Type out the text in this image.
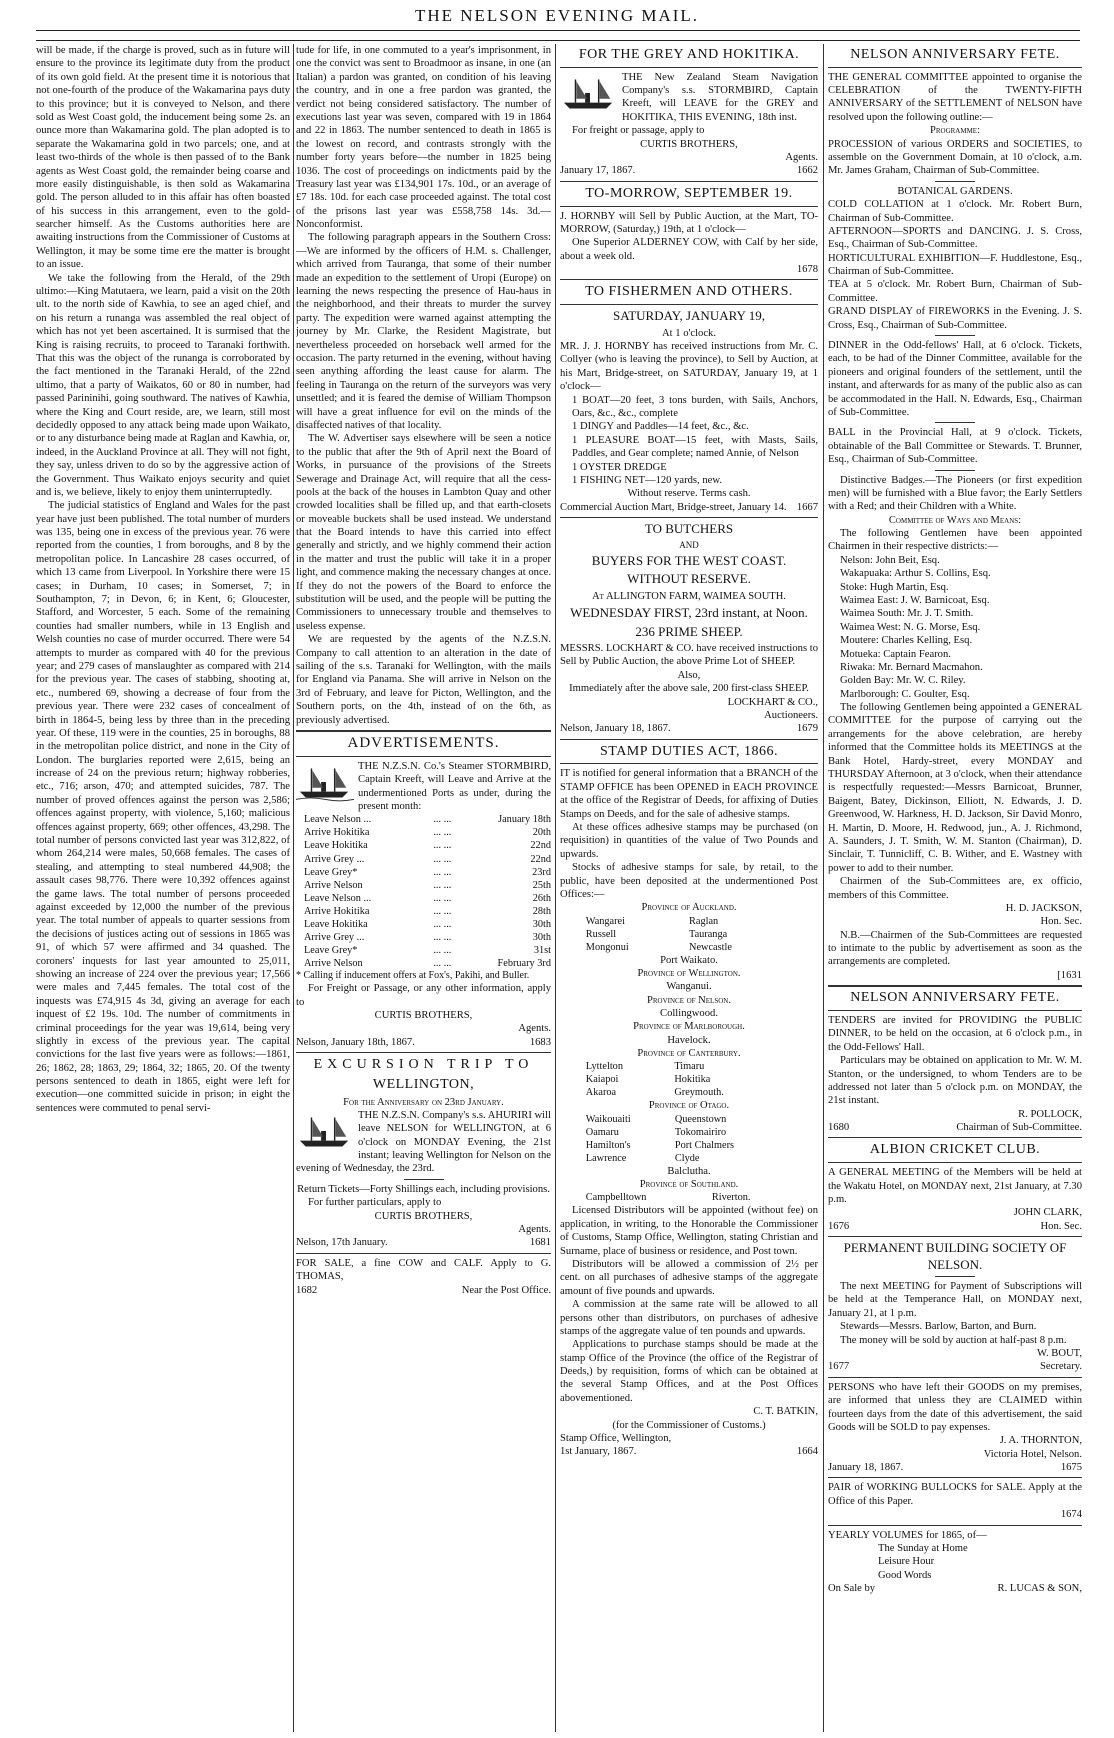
THE NELSON EVENING MAIL.

will be made, if the charge is proved, such as in future will ensure to the province its legitimate duty from the product of its own gold field. At the present time it is notorious that not one-fourth of the produce of the Wakamarina pays duty to this province; but it is conveyed to Nelson, and there sold as West Coast gold, the inducement being some 2s. an ounce more than Wakamarina gold. The plan adopted is to separate the Wakamarina gold in two parcels; one, and at least two-thirds of the whole is then passed of to the Bank agents as West Coast gold, the remainder being coarse and more easily distinguishable, is then sold as Wakamarina gold. The person alluded to in this affair has often boasted of his success in this arrangement, even to the gold-searcher himself. As the Customs authorities here are awaiting instructions from the Commissioner of Customs at Wellington, it may be some time ere the matter is brought to an issue.

We take the following from the Herald, of the 29th ultimo:—King Matutaera, we learn, paid a visit on the 20th ult. to the north side of Kawhia, to see an aged chief, and on his return a runanga was assembled the real object of which has not yet been ascertained. It is surmised that the King is raising recruits, to proceed to Taranaki forthwith. That this was the object of the runanga is corroborated by the fact mentioned in the Taranaki Herald, of the 22nd ultimo, that a party of Waikatos, 60 or 80 in number, had passed Parininihi, going southward. The natives of Kawhia, where the King and Court reside, are, we learn, still most decidedly opposed to any attack being made upon Waikato, or to any disturbance being made at Raglan and Kawhia, or, indeed, in the Auckland Province at all. They will not fight, they say, unless driven to do so by the aggressive action of the Government. Thus Waikato enjoys security and quiet and is, we believe, likely to enjoy them uninterruptedly.

The judicial statistics of England and Wales for the past year have just been published. The total number of murders was 135, being one in excess of the previous year. 76 were reported from the counties, 1 from boroughs, and 8 by the metropolitan police. In Lancashire 28 cases occurred, of which 13 came from Liverpool. In Yorkshire there were 15 cases; in Durham, 10 cases; in Somerset, 7; in Southampton, 7; in Devon, 6; in Kent, 6; Gloucester, Stafford, and Worcester, 5 each. Some of the remaining counties had smaller numbers, while in 13 English and Welsh counties no case of murder occurred. There were 54 attempts to murder as compared with 40 for the previous year; and 279 cases of manslaughter as compared with 214 for the previous year. The cases of stabbing, shooting at, etc., numbered 69, showing a decrease of four from the previous year. There were 232 cases of concealment of birth in 1864-5, being less by three than in the preceding year. Of these, 119 were in the counties, 25 in boroughs, 88 in the metropolitan police district, and none in the City of London. The burglaries reported were 2,615, being an increase of 24 on the previous return; highway robberies, etc., 716; arson, 470; and attempted suicides, 787. The number of proved offences against the person was 2,586; offences against property, with violence, 5,160; malicious offences against property, 669; other offences, 43,298. The total number of persons convicted last year was 312,822, of whom 264,214 were males, 50,668 females. The cases of stealing, and attempting to steal numbered 44,908; the assault cases 98,776. There were 10,392 offences against the game laws. The total number of persons proceeded against exceeded by 12,000 the number of the previous year. The total number of appeals to quarter sessions from the decisions of justices acting out of sessions in 1865 was 91, of which 57 were affirmed and 34 quashed. The coroners' inquests for last year amounted to 25,011, showing an increase of 224 over the previous year; 17,566 were males and 7,445 females. The total cost of the inquests was £74,915 4s 3d, giving an average for each inquest of £2 19s. 10d. The number of commitments in criminal proceedings for the year was 19,614, being very slightly in excess of the previous year. The capital convictions for the last five years were as follows:—1861, 26; 1862, 28; 1863, 29; 1864, 32; 1865, 20. Of the twenty persons sentenced to death in 1865, eight were left for execution—one committed suicide in prison; in eight the sentences were commuted to penal servi-

tude for life, in one commuted to a year's imprisonment, in one the convict was sent to Broadmoor as insane, in one (an Italian) a pardon was granted, on condition of his leaving the country, and in one a free pardon was granted, the verdict not being considered satisfactory. The number of executions last year was seven, compared with 19 in 1864 and 22 in 1863. The number sentenced to death in 1865 is the lowest on record, and contrasts strongly with the number forty years before—the number in 1825 being 1036. The cost of proceedings on indictments paid by the Treasury last year was £134,901 17s. 10d., or an average of £7 18s. 10d. for each case proceeded against. The total cost of the prisons last year was £558,758 14s. 3d.—Nonconformist.

The following paragraph appears in the Southern Cross:—We are informed by the officers of H.M. s. Challenger, which arrived from Tauranga, that some of their number made an expedition to the settlement of Uropi (Europe) on learning the news respecting the presence of Hau-haus in the neighborhood, and their threats to murder the survey party. The expedition were warned against attempting the journey by Mr. Clarke, the Resident Magistrate, but nevertheless proceeded on horseback well armed for the occasion. The party returned in the evening, without having seen anything affording the least cause for alarm. The feeling in Tauranga on the return of the surveyors was very unsettled; and it is feared the demise of William Thompson will have a great influence for evil on the minds of the disaffected natives of that locality.

The W. Advertiser says elsewhere will be seen a notice to the public that after the 9th of April next the Board of Works, in pursuance of the provisions of the Streets Sewerage and Drainage Act, will require that all the cess-pools at the back of the houses in Lambton Quay and other crowded localities shall be filled up, and that earth-closets or moveable buckets shall be used instead. We understand that the Board intends to have this carried into effect generally and strictly, and we highly commend their action in the matter and trust the public will take it in a proper light, and commence making the necessary changes at once. If they do not the powers of the Board to enforce the substitution will be used, and the people will be putting the Commissioners to unnecessary trouble and themselves to useless expense.

We are requested by the agents of the N.Z.S.N. Company to call attention to an alteration in the date of sailing of the s.s. Taranaki for Wellington, with the mails for England via Panama. She will arrive in Nelson on the 3rd of February, and leave for Picton, Wellington, and the Southern ports, on the 4th, instead of on the 6th, as previously advertised.

ADVERTISEMENTS.

THE N.Z.S.N. Co.'s Steamer STORMBIRD, Captain Kreeft, will Leave and Arrive at the undermentioned Ports as under, during the present month:

Leave Nelson ...	... ...	January 18th
Arrive Hokitika	... ...	20th
Leave Hokitika	... ...	22nd
Arrive Grey ...	... ...	22nd
Leave Grey*	... ...	23rd
Arrive Nelson	... ...	25th
Leave Nelson ...	... ...	26th
Arrive Hokitika	... ...	28th
Leave Hokitika	... ...	30th
Arrive Grey ...	... ...	30th
Leave Grey*	... ...	31st
Arrive Nelson	... ...	February 3rd

* Calling if inducement offers at Fox's, Pakihi, and Buller.

For Freight or Passage, or any other information, apply to

CURTIS BROTHERS,
Agents.
Nelson, January 18th, 1867.	1683
EXCURSION TRIP TO
WELLINGTON,
For the Anniversary on 23rd January.

THE N.Z.S.N. Company's s.s. AHURIRI will leave NELSON for WELLINGTON, at 6 o'clock on MONDAY Evening, the 21st instant; leaving Wellington for Nelson on the evening of Wednesday, the 23rd.

Return Tickets—Forty Shillings each, including provisions.

For further particulars, apply to

CURTIS BROTHERS,
Agents.
Nelson, 17th January.	1681

FOR SALE, a fine COW and CALF. Apply to G. THOMAS,

1682	Near the Post Office.
FOR THE GREY AND HOKITIKA.

THE New Zealand Steam Navigation Company's s.s. STORMBIRD, Captain Kreeft, will LEAVE for the GREY and HOKITIKA, THIS EVENING, 18th inst.

For freight or passage, apply to

CURTIS BROTHERS,
Agents.
January 17, 1867.	1662
TO-MORROW, SEPTEMBER 19.

J. HORNBY will Sell by Public Auction, at the Mart, TO-MORROW, (Saturday,) 19th, at 1 o'clock—

One Superior ALDERNEY COW, with Calf by her side, about a week old.

1678
TO FISHERMEN AND OTHERS.
SATURDAY, JANUARY 19,
At 1 o'clock.

MR. J. J. HORNBY has received instructions from Mr. C. Collyer (who is leaving the province), to Sell by Auction, at his Mart, Bridge-street, on SATURDAY, January 19, at 1 o'clock—

1 BOAT—20 feet, 3 tons burden, with Sails, Anchors, Oars, &c., &c., complete

1 DINGY and Paddles—14 feet, &c., &c.

1 PLEASURE BOAT—15 feet, with Masts, Sails, Paddles, and Gear complete; named Annie, of Nelson

1 OYSTER DREDGE

1 FISHING NET—120 yards, new.

Without reserve. Terms cash.
Commercial Auction Mart, Bridge-street, January 14. 1667
TO BUTCHERS
AND
BUYERS FOR THE WEST COAST.
WITHOUT RESERVE.
At ALLINGTON FARM, WAIMEA SOUTH.
WEDNESDAY FIRST, 23rd instant, at Noon.
236 PRIME SHEEP.

MESSRS. LOCKHART & CO. have received instructions to Sell by Public Auction, the above Prime Lot of SHEEP.

Also,
Immediately after the above sale, 200 first-class SHEEP.
LOCKHART & CO.,
Auctioneers.
Nelson, January 18, 1867.	1679
STAMP DUTIES ACT, 1866.

IT is notified for general information that a BRANCH of the STAMP OFFICE has been OPENED in EACH PROVINCE at the office of the Registrar of Deeds, for affixing of Duties Stamps on Deeds, and for the sale of adhesive stamps.

At these offices adhesive stamps may be purchased (on requisition) in quantities of the value of Two Pounds and upwards.

Stocks of adhesive stamps for sale, by retail, to the public, have been deposited at the undermentioned Post Offices:—

Province of Auckland.
Wangarei	Raglan
Russell	Tauranga
Mongonui	Newcastle
Port Waikato.
Province of Wellington.
Wanganui.
Province of Nelson.
Collingwood.
Province of Marlborough.
Havelock.
Province of Canterbury.
Lyttelton	Timaru
Kaiapoi	Hokitika
Akaroa	Greymouth.
Province of Otago.
Waikouaiti	Queenstown
Oamaru	Tokomairiro
Hamilton's	Port Chalmers
Lawrence	Clyde
Balclutha.
Province of Southland.
Campbelltown	Riverton.

Licensed Distributors will be appointed (without fee) on application, in writing, to the Honorable the Commissioner of Customs, Stamp Office, Wellington, stating Christian and Surname, place of business or residence, and Post town.

Distributors will be allowed a commission of 2½ per cent. on all purchases of adhesive stamps of the aggregate amount of five pounds and upwards.

A commission at the same rate will be allowed to all persons other than distributors, on purchases of adhesive stamps of the aggregate value of ten pounds and upwards.

Applications to purchase stamps should be made at the stamp Office of the Province (the office of the Registrar of Deeds,) by requisition, forms of which can be obtained at the several Stamp Offices, and at the Post Offices abovementioned.

C. T. BATKIN,
(for the Commissioner of Customs.)
Stamp Office, Wellington,
1st January, 1867.	1664
NELSON ANNIVERSARY FETE.

THE GENERAL COMMITTEE appointed to organise the CELEBRATION of the TWENTY-FIFTH ANNIVERSARY of the SETTLEMENT of NELSON have resolved upon the following outline:—

Programme:

PROCESSION of various ORDERS and SOCIETIES, to assemble on the Government Domain, at 10 o'clock, a.m. Mr. James Graham, Chairman of Sub-Committee.

BOTANICAL GARDENS.

COLD COLLATION at 1 o'clock. Mr. Robert Burn, Chairman of Sub-Committee.

AFTERNOON—SPORTS and DANCING. J. S. Cross, Esq., Chairman of Sub-Committee.

HORTICULTURAL EXHIBITION—F. Huddlestone, Esq., Chairman of Sub-Committee.

TEA at 5 o'clock. Mr. Robert Burn, Chairman of Sub-Committee.

GRAND DISPLAY of FIREWORKS in the Evening. J. S. Cross, Esq., Chairman of Sub-Committee.

DINNER in the Odd-fellows' Hall, at 6 o'clock. Tickets, each, to be had of the Dinner Committee, available for the pioneers and original founders of the settlement, until the instant, and afterwards for as many of the public also as can be accommodated in the Hall. N. Edwards, Esq., Chairman of Sub-Committee.

BALL in the Provincial Hall, at 9 o'clock. Tickets, obtainable of the Ball Committee or Stewards. T. Brunner, Esq., Chairman of Sub-Committee.

Distinctive Badges.—The Pioneers (or first expedition men) will be furnished with a Blue favor; the Early Settlers with a Red; and their Children with a White.

Committee of Ways and Means:

The following Gentlemen have been appointed Chairmen in their respective districts:—

Nelson: John Beit, Esq.
Wakapuaka: Arthur S. Collins, Esq.
Stoke: Hugh Martin, Esq.
Waimea East: J. W. Barnicoat, Esq.
Waimea South: Mr. J. T. Smith.
Waimea West: N. G. Morse, Esq.
Moutere: Charles Kelling, Esq.
Motueka: Captain Fearon.
Riwaka: Mr. Bernard Macmahon.
Golden Bay: Mr. W. C. Riley.
Marlborough: C. Goulter, Esq.

The following Gentlemen being appointed a GENERAL COMMITTEE for the purpose of carrying out the arrangements for the above celebration, are hereby informed that the Committee holds its MEETINGS at the Bank Hotel, Hardy-street, every MONDAY and THURSDAY Afternoon, at 3 o'clock, when their attendance is respectfully requested:—Messrs Barnicoat, Brunner, Baigent, Batey, Dickinson, Elliott, N. Edwards, J. D. Greenwood, W. Harkness, H. D. Jackson, Sir David Monro, H. Martin, D. Moore, H. Redwood, jun., A. J. Richmond, A. Saunders, J. T. Smith, W. M. Stanton (Chairman), D. Sinclair, T. Tunnicliff, C. B. Wither, and E. Wastney with power to add to their number.

Chairmen of the Sub-Committees are, ex officio, members of this Committee.

H. D. JACKSON,
Hon. Sec.

N.B.—Chairmen of the Sub-Committees are requested to intimate to the public by advertisement as soon as the arrangements are completed.

[1631
NELSON ANNIVERSARY FETE.

TENDERS are invited for PROVIDING the PUBLIC DINNER, to be held on the occasion, at 6 o'clock p.m., in the Odd-Fellows' Hall.

Particulars may be obtained on application to Mr. W. M. Stanton, or the undersigned, to whom Tenders are to be addressed not later than 5 o'clock p.m. on MONDAY, the 21st instant.

R. POLLOCK,
1680	Chairman of Sub-Committee.
ALBION CRICKET CLUB.

A GENERAL MEETING of the Members will be held at the Wakatu Hotel, on MONDAY next, 21st January, at 7.30 p.m.

JOHN CLARK,
1676	Hon. Sec.
PERMANENT BUILDING SOCIETY OF NELSON.

The next MEETING for Payment of Subscriptions will be held at the Temperance Hall, on MONDAY next, January 21, at 1 p.m.

Stewards—Messrs. Barlow, Barton, and Burn.

The money will be sold by auction at half-past 8 p.m.

W. BOUT,
1677	Secretary.

PERSONS who have left their GOODS on my premises, are informed that unless they are CLAIMED within fourteen days from the date of this advertisement, the said Goods will be SOLD to pay expenses.

J. A. THORNTON,
Victoria Hotel, Nelson.
January 18, 1867.	1675

PAIR of WORKING BULLOCKS for SALE. Apply at the Office of this Paper.

1674

YEARLY VOLUMES for 1865, of—

The Sunday at Home
Leisure Hour
Good Words
On Sale by	R. LUCAS & SON,
